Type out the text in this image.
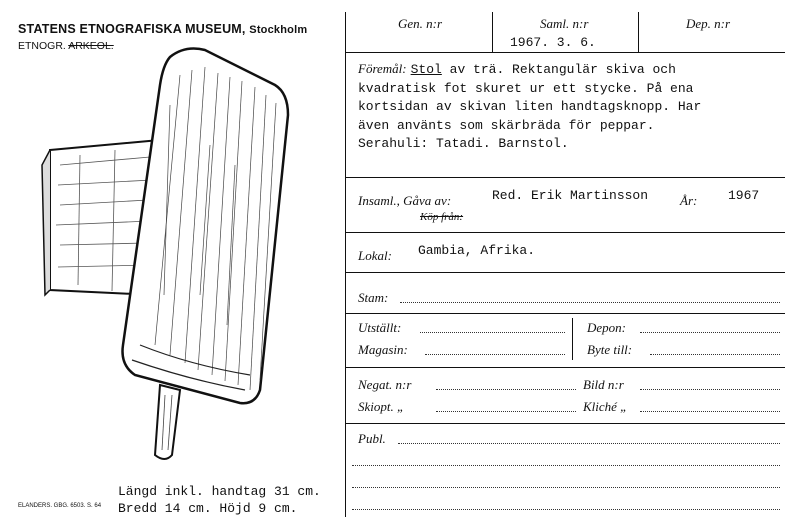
STATENS ETNOGRAFISKA MUSEUM, Stockholm
ETNOGR. ARKEOL.
ELANDERS. GBG. 6503. S. 64
Längd inkl. handtag 31 cm.
Bredd 14 cm. Höjd 9 cm.
Gen. n:r	Saml. n:r
1967. 3. 6.
Dep. n:r
Föremål: Stol av trä. Rektangulär skiva och
kvadratisk fot skuret ur ett stycke. På ena
kortsidan av skivan liten handtagsknopp. Har
även använts som skärbräda för peppar.
Serahuli: Tatadi. Barnstol.
Insaml., Gåva av:	Red. Erik Martinsson År: 1967
Köp från:
Lokal: Gambia, Afrika.
Stam:
Utställt:
Magasin:
Depon:
Byte till:
Negat. n:r	Bild n:r
Skiopt. „	Kliché „
Publ.
